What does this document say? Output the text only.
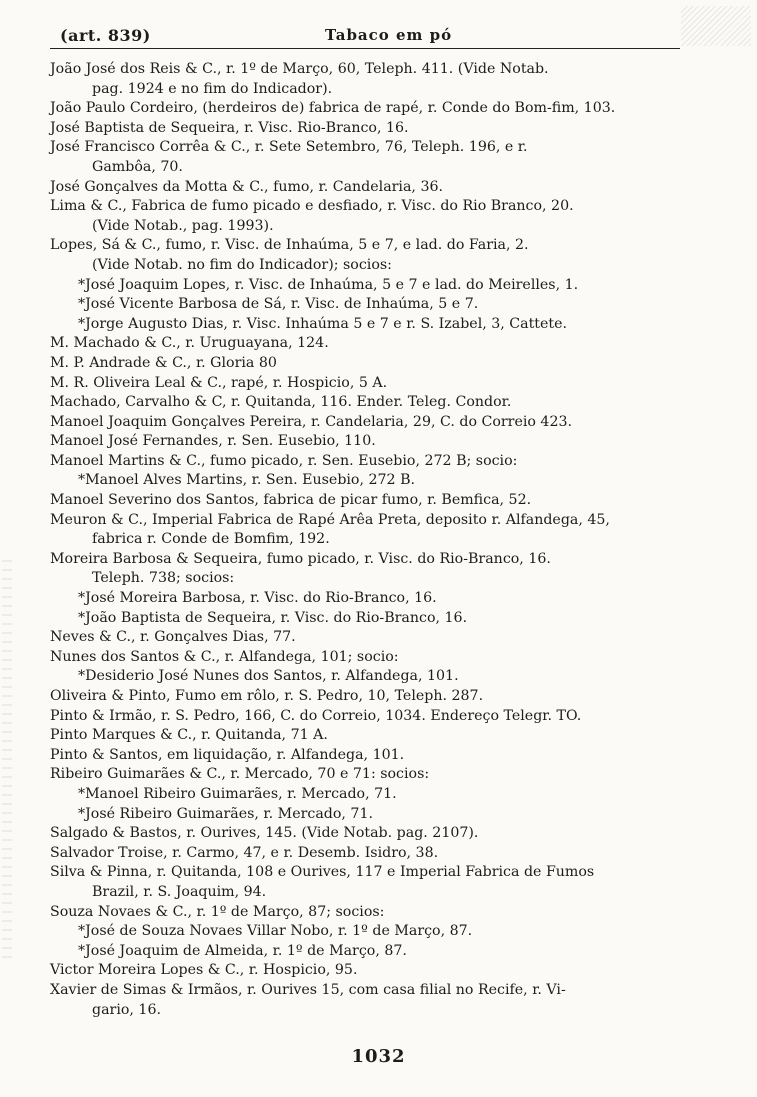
(art. 839)	Tabaco em pó
João José dos Reis & C., r. 1º de Março, 60, Teleph. 411. (Vide Notab.
pag. 1924 e no fim do Indicador).
João Paulo Cordeiro, (herdeiros de) fabrica de rapé, r. Conde do Bom-fim, 103.
José Baptista de Sequeira, r. Visc. Rio-Branco, 16.
José Francisco Corrêa & C., r. Sete Setembro, 76, Teleph. 196, e r.
Gambôa, 70.
José Gonçalves da Motta & C., fumo, r. Candelaria, 36.
Lima & C., Fabrica de fumo picado e desfiado, r. Visc. do Rio Branco, 20.
(Vide Notab., pag. 1993).
Lopes, Sá & C., fumo, r. Visc. de Inhaúma, 5 e 7, e lad. do Faria, 2.
(Vide Notab. no fim do Indicador); socios:
*José Joaquim Lopes, r. Visc. de Inhaúma, 5 e 7 e lad. do Meirelles, 1.
*José Vicente Barbosa de Sá, r. Visc. de Inhaúma, 5 e 7.
*Jorge Augusto Dias, r. Visc. Inhaúma 5 e 7 e r. S. Izabel, 3, Cattete.
M. Machado & C., r. Uruguayana, 124.
M. P. Andrade & C., r. Gloria 80
M. R. Oliveira Leal & C., rapé, r. Hospicio, 5 A.
Machado, Carvalho & C, r. Quitanda, 116. Ender. Teleg. Condor.
Manoel Joaquim Gonçalves Pereira, r. Candelaria, 29, C. do Correio 423.
Manoel José Fernandes, r. Sen. Eusebio, 110.
Manoel Martins & C., fumo picado, r. Sen. Eusebio, 272 B; socio:
*Manoel Alves Martins, r. Sen. Eusebio, 272 B.
Manoel Severino dos Santos, fabrica de picar fumo, r. Bemfica, 52.
Meuron & C., Imperial Fabrica de Rapé Arêa Preta, deposito r. Alfandega, 45,
fabrica r. Conde de Bomfim, 192.
Moreira Barbosa & Sequeira, fumo picado, r. Visc. do Rio-Branco, 16.
Teleph. 738; socios:
*José Moreira Barbosa, r. Visc. do Rio-Branco, 16.
*João Baptista de Sequeira, r. Visc. do Rio-Branco, 16.
Neves & C., r. Gonçalves Dias, 77.
Nunes dos Santos & C., r. Alfandega, 101; socio:
*Desiderio José Nunes dos Santos, r. Alfandega, 101.
Oliveira & Pinto, Fumo em rôlo, r. S. Pedro, 10, Teleph. 287.
Pinto & Irmão, r. S. Pedro, 166, C. do Correio, 1034. Endereço Telegr. TO.
Pinto Marques & C., r. Quitanda, 71 A.
Pinto & Santos, em liquidação, r. Alfandega, 101.
Ribeiro Guimarães & C., r. Mercado, 70 e 71: socios:
*Manoel Ribeiro Guimarães, r. Mercado, 71.
*José Ribeiro Guimarães, r. Mercado, 71.
Salgado & Bastos, r. Ourives, 145. (Vide Notab. pag. 2107).
Salvador Troise, r. Carmo, 47, e r. Desemb. Isidro, 38.
Silva & Pinna, r. Quitanda, 108 e Ourives, 117 e Imperial Fabrica de Fumos
Brazil, r. S. Joaquim, 94.
Souza Novaes & C., r. 1º de Março, 87; socios:
*José de Souza Novaes Villar Nobo, r. 1º de Março, 87.
*José Joaquim de Almeida, r. 1º de Março, 87.
Victor Moreira Lopes & C., r. Hospicio, 95.
Xavier de Simas & Irmãos, r. Ourives 15, com casa filial no Recife, r. Vi-
gario, 16.
1032
